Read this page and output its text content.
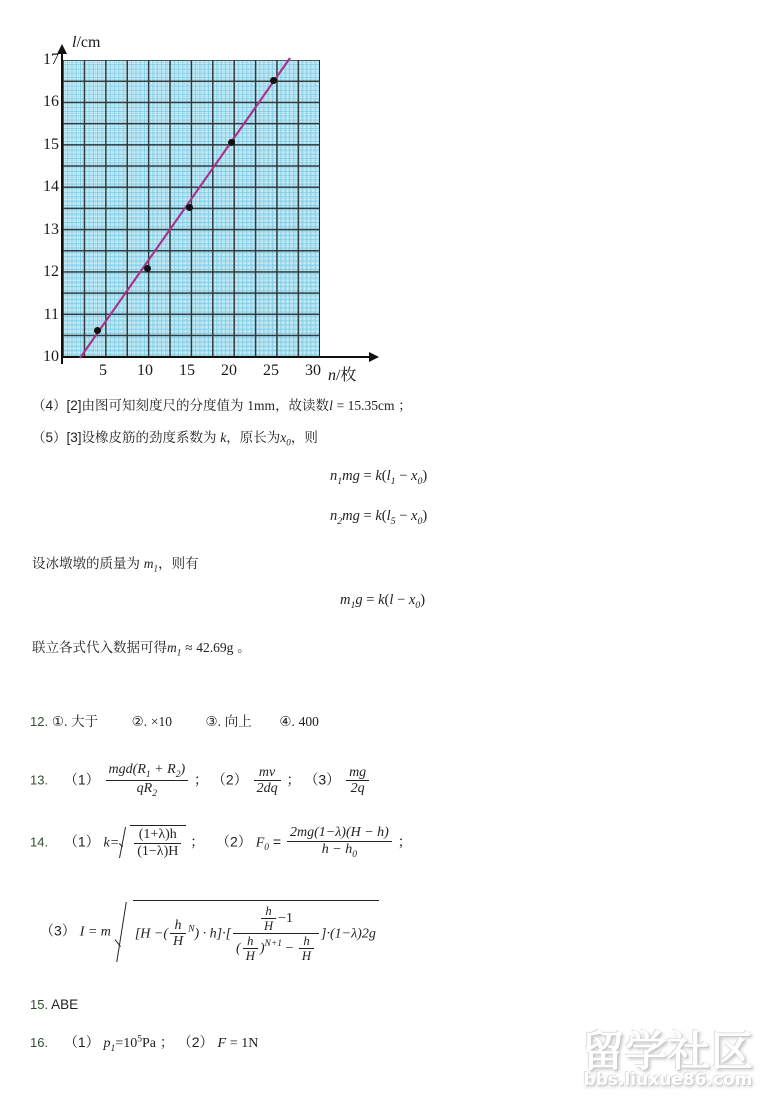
l/cm
n/枚
10
11
12
13
14
15
16
17
5 10 15 20 25 30
（4）[2]由图可知刻度尺的分度值为 1mm，故读数l = 15.35cm ；
（5）[3]设橡皮筋的劲度系数为 k，原长为$x_0$，则
$n_1mg = k(l_1 - x_0)$
$n_2mg = k(l_5 - x_0)$
设冰墩墩的质量为 $m_1$，则有
$m_1g = k(l - x_0)$
联立各式代入数据可得$m_1 \approx 42.69g$ 。
12. ①. 大于 ②. ×10 ③. 向上 ④. 400
13. $(1) \frac{mgd(R_1 + R_2)}{qR_2}$ ； $(2) \frac{mv}{2dq}$ ； $(3) \frac{mg}{2q}$
14. （1） $k= \frac{(1+\lambda)h}{(1-\lambda)H}$ ； （2） $F_0 = \frac{2mg(1-\lambda)(H - h)}{h - h_0}$ ；
（3） I = m [H −( $\frac{h}{H} ^N) \cdot h]\cdot[ \frac{\frac{h}{H} -1}{( \frac{h}{H} )^{N+1} - \frac{h}{H}} ]\cdot(1-\lambda)2g$
15. ABE
16. （1） $p_1=10^5Pa$ ； （2） F = 1N	留学社区
bbs.liuxue86.com
